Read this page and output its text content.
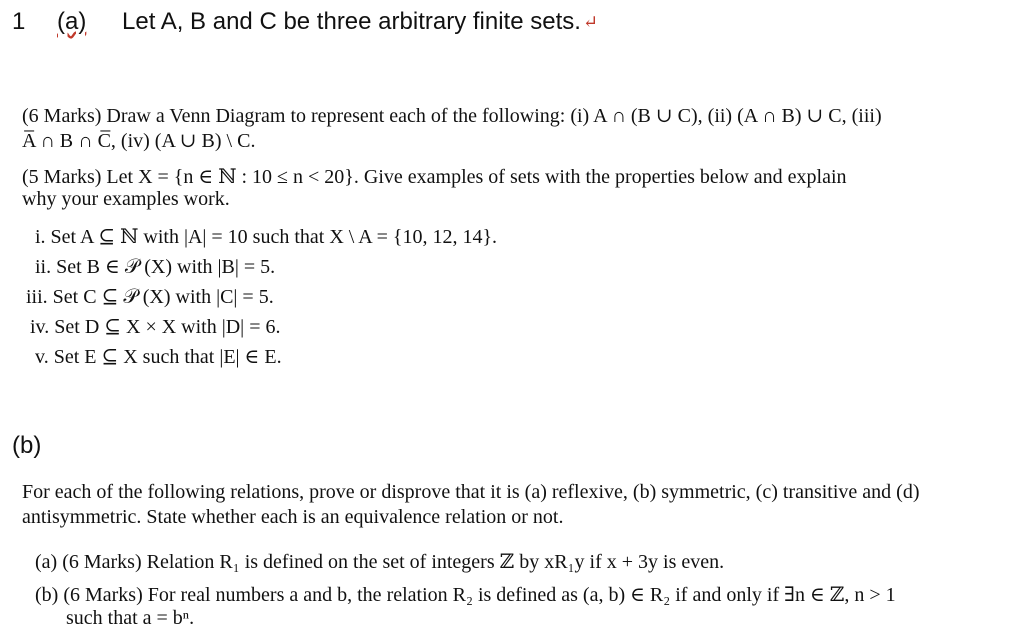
1 (a) Let A, B and C be three arbitrary finite sets. ↵
(6 Marks) Draw a Venn Diagram to represent each of the following: (i) A ∩ (B ∪ C), (ii) (A ∩ B) ∪ C, (iii)
A̅ ∩ B ∩ C̅, (iv) (A ∪ B) \ C.
(5 Marks) Let X = {n ∈ ℕ : 10 ≤ n < 20}. Give examples of sets with the properties below and explain
why your examples work.
i. Set A ⊆ ℕ with |A| = 10 such that X \ A = {10, 12, 14}.
ii. Set B ∈ 𝒫 (X) with |B| = 5.
iii. Set C ⊆ 𝒫 (X) with |C| = 5.
iv. Set D ⊆ X × X with |D| = 6.
v. Set E ⊆ X such that |E| ∈ E.
(b)
For each of the following relations, prove or disprove that it is (a) reflexive, (b) symmetric, (c) transitive and (d)
antisymmetric. State whether each is an equivalence relation or not.
(a) (6 Marks) Relation R₁ is defined on the set of integers ℤ by xR₁y if x + 3y is even.
(b) (6 Marks) For real numbers a and b, the relation R₂ is defined as (a, b) ∈ R₂ if and only if ∃n ∈ ℤ, n > 1
such that a = bⁿ.
